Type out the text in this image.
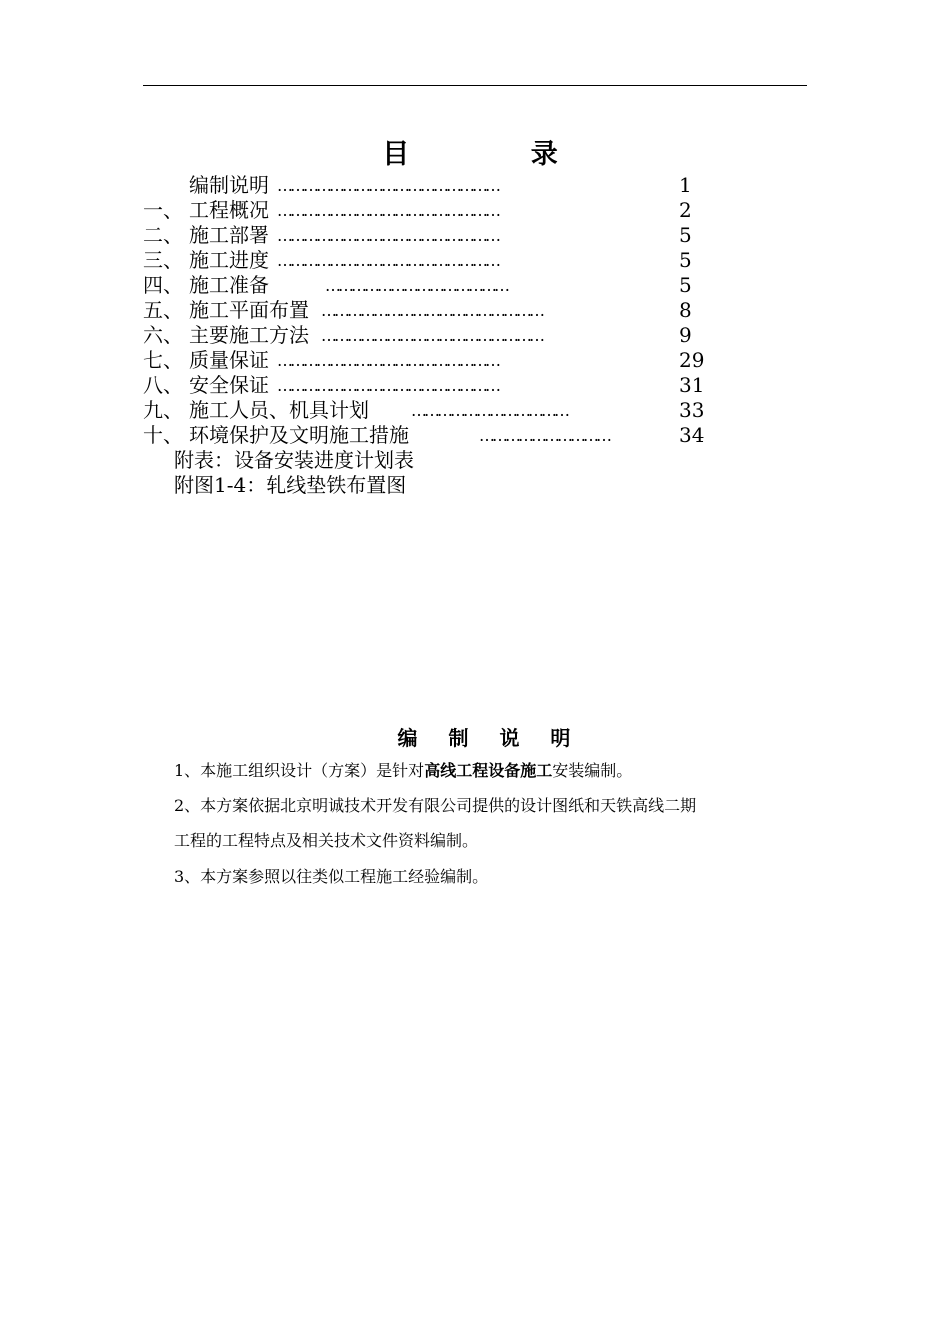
目 录
编制说明 ……………………………………………	1
一、 工程概况 ……………………………………………	2
二、 施工部署 ……………………………………………	5
三、 施工进度 ……………………………………………	5
四、 施工准备	……………………………………	5
五、 施工平面布置 ……………………………………………	8
六、 主要施工方法 ……………………………………………	9
七、 质量保证 ……………………………………………	29
八、 安全保证 ……………………………………………	31
九、 施工人员、机具计划	………………………………	33
十、 环境保护及文明施工措施	…………………………	34
附表：设备安装进度计划表
附图1-4：轧线垫铁布置图
编 制 说 明
1、本施工组织设计（方案）是针对高线工程设备施工安装编制。
2、本方案依据北京明诚技术开发有限公司提供的设计图纸和天铁高线二期
工程的工程特点及相关技术文件资料编制。
3、本方案参照以往类似工程施工经验编制。
